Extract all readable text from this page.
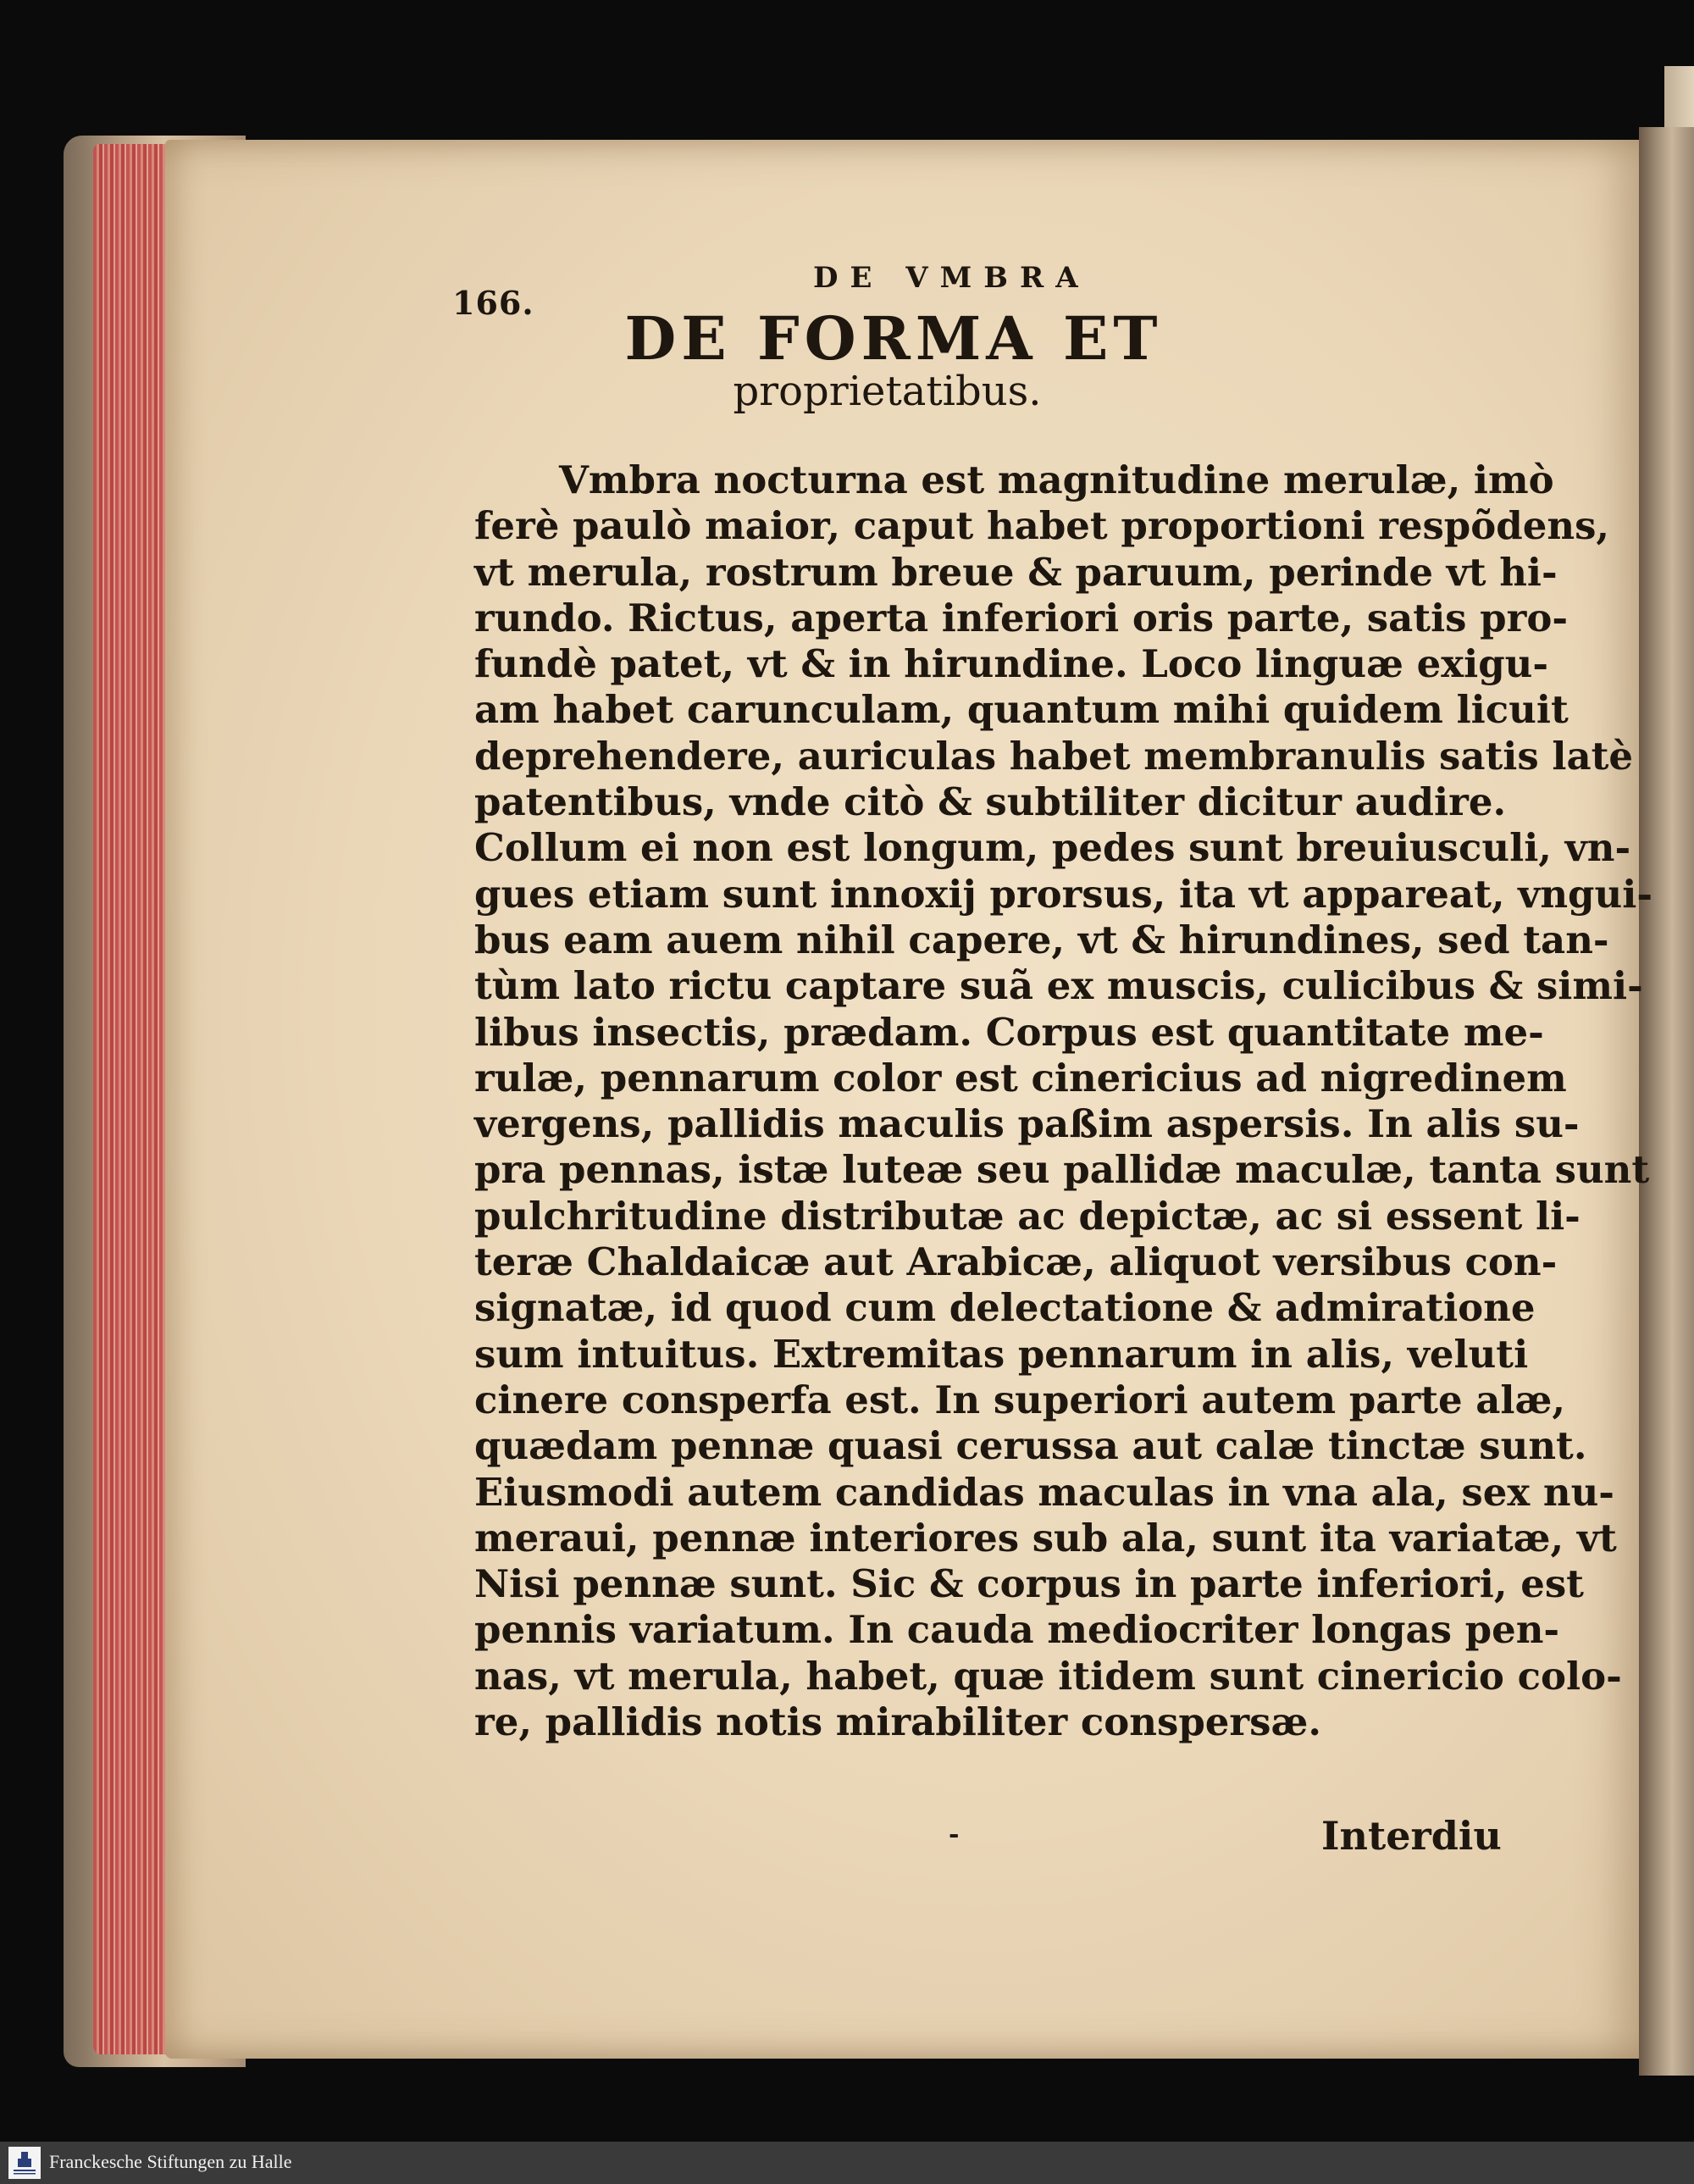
166.
DE VMBRA
DE FORMA ET
proprietatibus.
Vmbra nocturna est magnitudine merulæ, imò
ferè paulò maior, caput habet proportioni respõdens,
vt merula, rostrum breue & paruum, perinde vt hi-
rundo. Rictus, aperta inferiori oris parte, satis pro-
fundè patet, vt & in hirundine. Loco linguæ exigu-
am habet carunculam, quantum mihi quidem licuit
deprehendere, auriculas habet membranulis satis latè
patentibus, vnde citò & subtiliter dicitur audire.
Collum ei non est longum, pedes sunt breuiusculi, vn-
gues etiam sunt innoxij prorsus, ita vt appareat, vngui-
bus eam auem nihil capere, vt & hirundines, sed tan-
tùm lato rictu captare suã ex muscis, culicibus & simi-
libus insectis, prædam. Corpus est quantitate me-
rulæ, pennarum color est cinericius ad nigredinem
vergens, pallidis maculis paßim aspersis. In alis su-
pra pennas, istæ luteæ seu pallidæ maculæ, tanta sunt
pulchritudine distributæ ac depictæ, ac si essent li-
teræ Chaldaicæ aut Arabicæ, aliquot versibus con-
signatæ, id quod cum delectatione & admiratione
sum intuitus. Extremitas pennarum in alis, veluti
cinere consperfa est. In superiori autem parte alæ,
quædam pennæ quasi cerussa aut calæ tinctæ sunt.
Eiusmodi autem candidas maculas in vna ala, sex nu-
meraui, pennæ interiores sub ala, sunt ita variatæ, vt
Nisi pennæ sunt. Sic & corpus in parte inferiori, est
pennis variatum. In cauda mediocriter longas pen-
nas, vt merula, habet, quæ itidem sunt cinericio colo-
re, pallidis notis mirabiliter conspersæ.
-	Interdiu
Franckesche Stiftungen zu Halle
